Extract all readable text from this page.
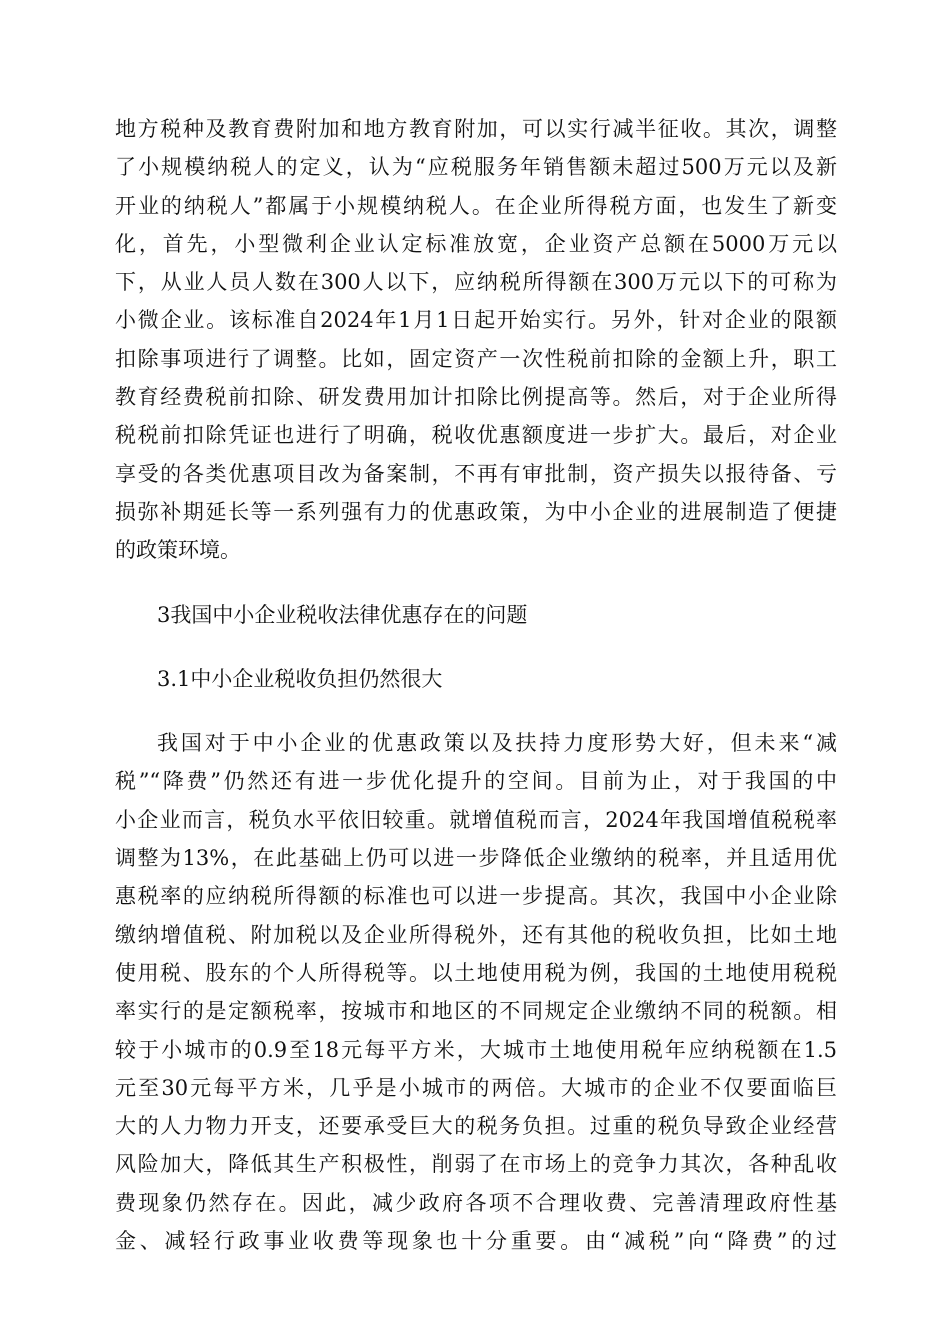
地方税种及教育费附加和地方教育附加，可以实行减半征收。其次，调整
了小规模纳税人的定义，认为“应税服务年销售额未超过500万元以及新
开业的纳税人”都属于小规模纳税人。在企业所得税方面，也发生了新变
化，首先，小型微利企业认定标准放宽，企业资产总额在5000万元以
下，从业人员人数在300人以下，应纳税所得额在300万元以下的可称为
小微企业。该标准自2024年1月1日起开始实行。另外，针对企业的限额
扣除事项进行了调整。比如，固定资产一次性税前扣除的金额上升，职工
教育经费税前扣除、研发费用加计扣除比例提高等。然后，对于企业所得
税税前扣除凭证也进行了明确，税收优惠额度进一步扩大。最后，对企业
享受的各类优惠项目改为备案制，不再有审批制，资产损失以报待备、亏
损弥补期延长等一系列强有力的优惠政策，为中小企业的进展制造了便捷
的政策环境。
3我国中小企业税收法律优惠存在的问题
3.1中小企业税收负担仍然很大
我国对于中小企业的优惠政策以及扶持力度形势大好，但未来“减
税”“降费”仍然还有进一步优化提升的空间。目前为止，对于我国的中
小企业而言，税负水平依旧较重。就增值税而言，2024年我国增值税税率
调整为13%，在此基础上仍可以进一步降低企业缴纳的税率，并且适用优
惠税率的应纳税所得额的标准也可以进一步提高。其次，我国中小企业除
缴纳增值税、附加税以及企业所得税外，还有其他的税收负担，比如土地
使用税、股东的个人所得税等。以土地使用税为例，我国的土地使用税税
率实行的是定额税率，按城市和地区的不同规定企业缴纳不同的税额。相
较于小城市的0.9至18元每平方米，大城市土地使用税年应纳税额在1.5
元至30元每平方米，几乎是小城市的两倍。大城市的企业不仅要面临巨
大的人力物力开支，还要承受巨大的税务负担。过重的税负导致企业经营
风险加大，降低其生产积极性，削弱了在市场上的竞争力其次，各种乱收
费现象仍然存在。因此，减少政府各项不合理收费、完善清理政府性基
金、减轻行政事业收费等现象也十分重要。由“减税”向“降费”的过
